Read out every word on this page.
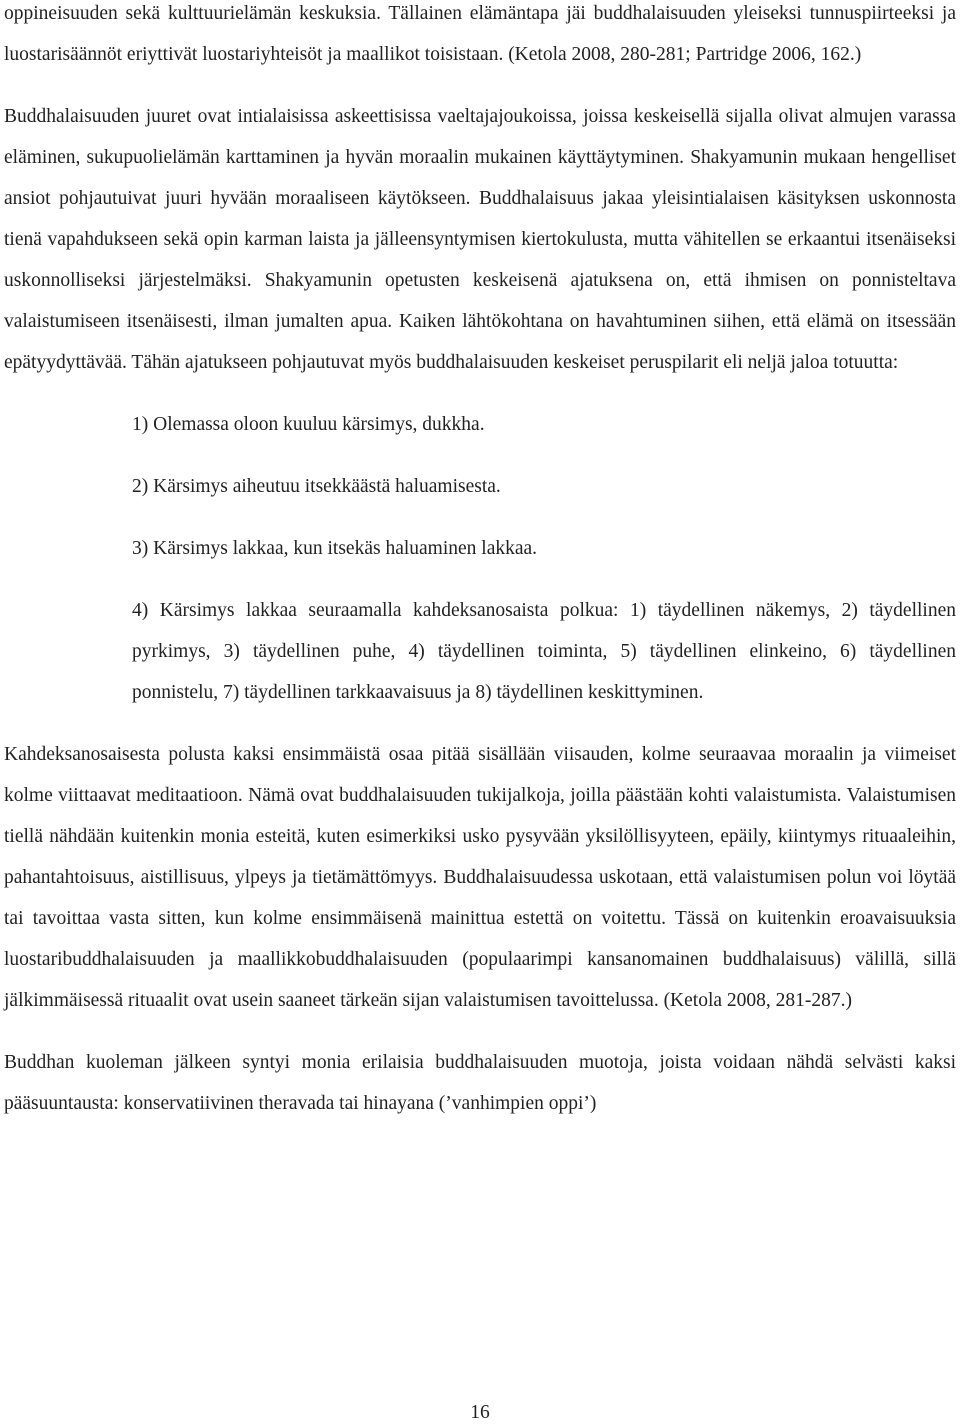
oppineisuuden sekä kulttuurielämän keskuksia. Tällainen elämäntapa jäi buddhalaisuuden yleiseksi tunnuspiirteeksi ja luostarisäännöt eriyttivät luostariyhteisöt ja maallikot toisistaan. (Ketola 2008, 280-281; Partridge 2006, 162.)

Buddhalaisuuden juuret ovat intialaisissa askeettisissa vaeltajajoukoissa, joissa keskeisellä sijalla olivat almujen varassa eläminen, sukupuolielämän karttaminen ja hyvän moraalin mukainen käyttäytyminen. Shakyamunin mukaan hengelliset ansiot pohjautuivat juuri hyvään moraaliseen käytökseen. Buddhalaisuus jakaa yleisintialaisen käsityksen uskonnosta tienä vapahdukseen sekä opin karman laista ja jälleensyntymisen kiertokulusta, mutta vähitellen se erkaantui itsenäiseksi uskonnolliseksi järjestelmäksi. Shakyamunin opetusten keskeisenä ajatuksena on, että ihmisen on ponnisteltava valaistumiseen itsenäisesti, ilman jumalten apua. Kaiken lähtökohtana on havahtuminen siihen, että elämä on itsessään epätyydyttävää. Tähän ajatukseen pohjautuvat myös buddhalaisuuden keskeiset peruspilarit eli neljä jaloa totuutta:

1) Olemassa oloon kuuluu kärsimys, dukkha.

2) Kärsimys aiheutuu itsekkäästä haluamisesta.

3) Kärsimys lakkaa, kun itsekäs haluaminen lakkaa.

4) Kärsimys lakkaa seuraamalla kahdeksanosaista polkua: 1) täydellinen näkemys, 2) täydellinen pyrkimys, 3) täydellinen puhe, 4) täydellinen toiminta, 5) täydellinen elinkeino, 6) täydellinen ponnistelu, 7) täydellinen tarkkaavaisuus ja 8) täydellinen keskittyminen.

Kahdeksanosaisesta polusta kaksi ensimmäistä osaa pitää sisällään viisauden, kolme seuraavaa moraalin ja viimeiset kolme viittaavat meditaatioon. Nämä ovat buddhalaisuuden tukijalkoja, joilla päästään kohti valaistumista. Valaistumisen tiellä nähdään kuitenkin monia esteitä, kuten esimerkiksi usko pysyvään yksilöllisyyteen, epäily, kiintymys rituaaleihin, pahantahtoisuus, aistillisuus, ylpeys ja tietämättömyys. Buddhalaisuudessa uskotaan, että valaistumisen polun voi löytää tai tavoittaa vasta sitten, kun kolme ensimmäisenä mainittua estettä on voitettu. Tässä on kuitenkin eroavaisuuksia luostaribuddhalaisuuden ja maallikkobuddhalaisuuden (populaarimpi kansanomainen buddhalaisuus) välillä, sillä jälkimmäisessä rituaalit ovat usein saaneet tärkeän sijan valaistumisen tavoittelussa. (Ketola 2008, 281-287.)

Buddhan kuoleman jälkeen syntyi monia erilaisia buddhalaisuuden muotoja, joista voidaan nähdä selvästi kaksi pääsuuntausta: konservatiivinen theravada tai hinayana (’vanhimpien oppi’)

16
